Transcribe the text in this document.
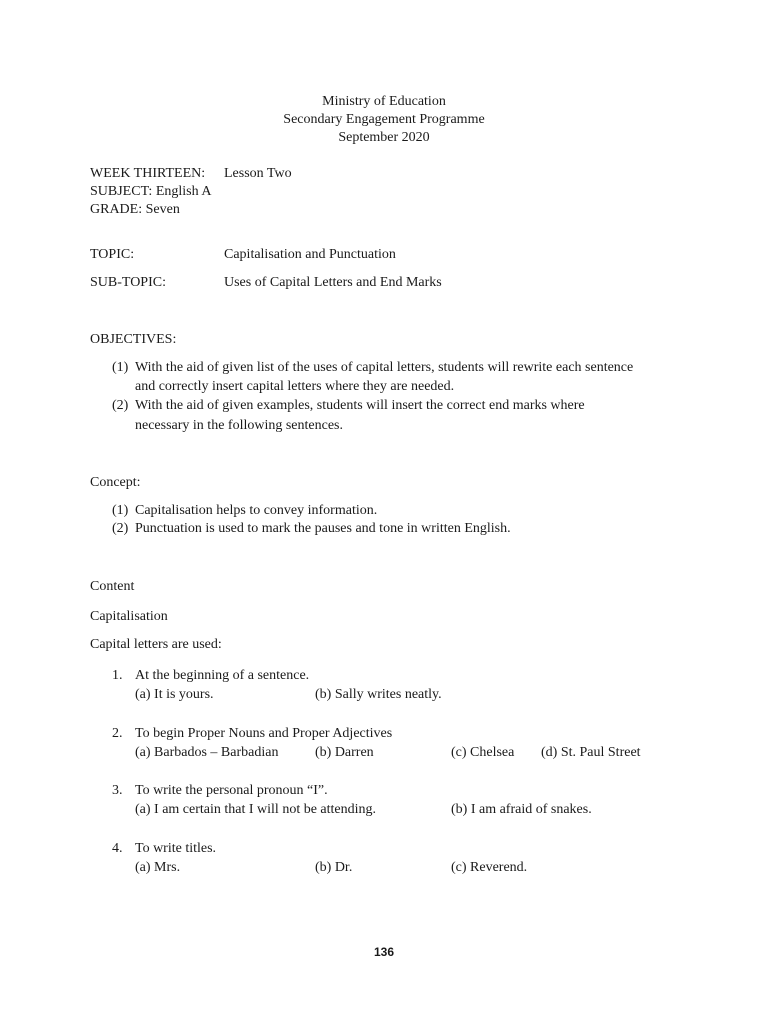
Ministry of Education
Secondary Engagement Programme
September 2020
WEEK THIRTEEN: Lesson Two
SUBJECT: English A
GRADE: Seven
TOPIC:	Capitalisation and Punctuation
SUB-TOPIC:	Uses of Capital Letters and End Marks
OBJECTIVES:
(1) With the aid of given list of the uses of capital letters, students will rewrite each sentence
and correctly insert capital letters where they are needed.
(2) With the aid of given examples, students will insert the correct end marks where
necessary in the following sentences.
Concept:
(1) Capitalisation helps to convey information.
(2) Punctuation is used to mark the pauses and tone in written English.
Content
Capitalisation
Capital letters are used:
1. At the beginning of a sentence.
(a) It is yours.	(b) Sally writes neatly.
2. To begin Proper Nouns and Proper Adjectives
(a) Barbados – Barbadian	(b) Darren	(c) Chelsea (d) St. Paul Street
3. To write the personal pronoun “I”.
(a) I am certain that I will not be attending.	(b) I am afraid of snakes.
4. To write titles.
(a) Mrs.	(b) Dr.	(c) Reverend.
136
